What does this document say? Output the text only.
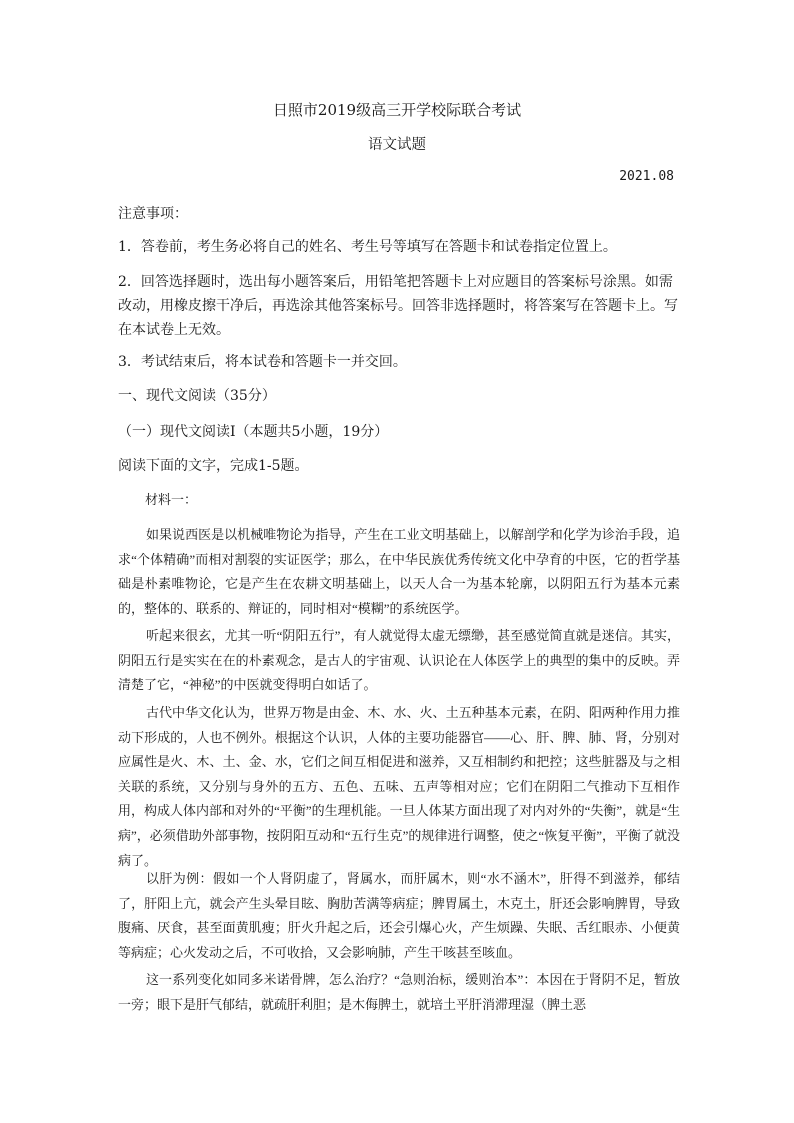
日照市2019级高三开学校际联合考试
语文试题
2021.08

注意事项：

1．答卷前，考生务必将自己的姓名、考生号等填写在答题卡和试卷指定位置上。

2．回答选择题时，选出每小题答案后，用铅笔把答题卡上对应题目的答案标号涂黑。如需改动，用橡皮擦干净后，再选涂其他答案标号。回答非选择题时，将答案写在答题卡上。写在本试卷上无效。

3．考试结束后，将本试卷和答题卡一并交回。

一、现代文阅读（35分）

（一）现代文阅读Ⅰ（本题共5小题，19分）

阅读下面的文字，完成1-5题。

材料一：

如果说西医是以机械唯物论为指导，产生在工业文明基础上，以解剖学和化学为诊治手段，追求“个体精确”而相对割裂的实证医学；那么，在中华民族优秀传统文化中孕育的中医，它的哲学基础是朴素唯物论，它是产生在农耕文明基础上，以天人合一为基本轮廓，以阴阳五行为基本元素的，整体的、联系的、辩证的，同时相对“模糊”的系统医学。

听起来很玄，尤其一听“阴阳五行”，有人就觉得太虚无缥缈，甚至感觉简直就是迷信。其实，阴阳五行是实实在在的朴素观念，是古人的宇宙观、认识论在人体医学上的典型的集中的反映。弄清楚了它，“神秘”的中医就变得明白如话了。

古代中华文化认为，世界万物是由金、木、水、火、土五种基本元素，在阴、阳两种作用力推动下形成的，人也不例外。根据这个认识，人体的主要功能器官——心、肝、脾、肺、肾，分别对应属性是火、木、土、金、水，它们之间互相促进和滋养，又互相制约和把控；这些脏器及与之相关联的系统，又分别与身外的五方、五色、五味、五声等相对应；它们在阴阳二气推动下互相作用，构成人体内部和对外的“平衡”的生理机能。一旦人体某方面出现了对内对外的“失衡”，就是“生病”，必须借助外部事物，按阴阳互动和“五行生克”的规律进行调整，使之“恢复平衡”，平衡了就没病了。

以肝为例：假如一个人肾阴虚了，肾属水，而肝属木，则“水不涵木”，肝得不到滋养，郁结了，肝阳上亢，就会产生头晕目眩、胸肋苦满等病症；脾胃属土，木克土，肝还会影响脾胃，导致腹痛、厌食，甚至面黄肌瘦；肝火升起之后，还会引爆心火，产生烦躁、失眠、舌红眼赤、小便黄等病症；心火发动之后，不可收拾，又会影响肺，产生干咳甚至咳血。

这一系列变化如同多米诺骨牌，怎么治疗？“急则治标，缓则治本”：本因在于肾阴不足，暂放一旁；眼下是肝气郁结，就疏肝利胆；是木侮脾土，就培土平肝消滞理湿（脾土恶
